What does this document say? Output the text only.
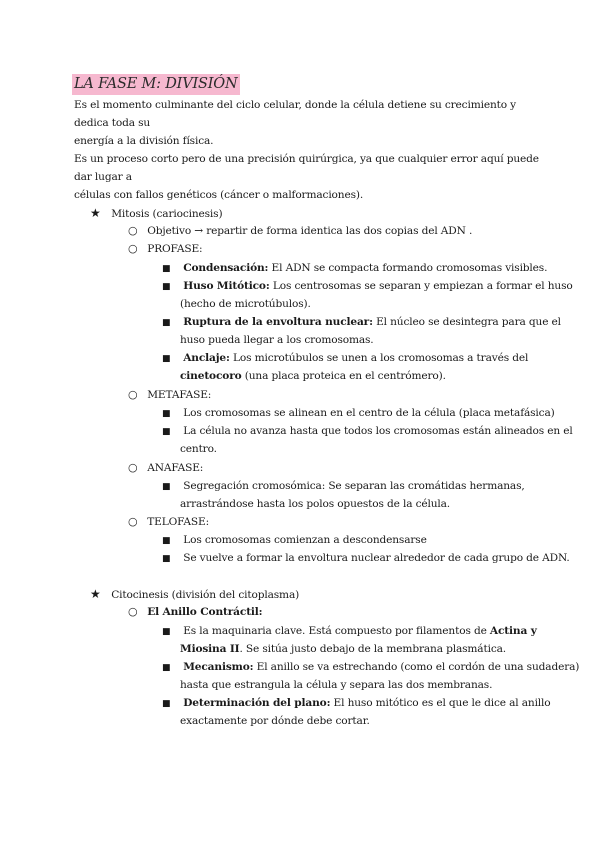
LA FASE M: DIVISIÓN
Es el momento culminante del ciclo celular, donde la célula detiene su crecimiento y dedica toda su
energía a la división física.
Es un proceso corto pero de una precisión quirúrgica, ya que cualquier error aquí puede dar lugar a
células con fallos genéticos (cáncer o malformaciones).
★ Mitosis (cariocinesis)
○ Objetivo → repartir de forma identica las dos copias del ADN .
○ PROFASE:
■ Condensación: El ADN se compacta formando cromosomas visibles.
■ Huso Mitótico: Los centrosomas se separan y empiezan a formar el huso
(hecho de microtúbulos).
■ Ruptura de la envoltura nuclear: El núcleo se desintegra para que el
huso pueda llegar a los cromosomas.
■ Anclaje: Los microtúbulos se unen a los cromosomas a través del
cinetocoro (una placa proteica en el centrómero).
○ METAFASE:
■ Los cromosomas se alinean en el centro de la célula (placa metafásica)
■ La célula no avanza hasta que todos los cromosomas están alineados en el
centro.
○ ANAFASE:
■ Segregación cromosómica: Se separan las cromátidas hermanas,
arrastrándose hasta los polos opuestos de la célula.
○ TELOFASE:
■ Los cromosomas comienzan a descondensarse
■ Se vuelve a formar la envoltura nuclear alrededor de cada grupo de ADN.
★ Citocinesis (división del citoplasma)
○ El Anillo Contráctil:
■ Es la maquinaria clave. Está compuesto por filamentos de Actina y
Miosina II. Se sitúa justo debajo de la membrana plasmática.
■ Mecanismo: El anillo se va estrechando (como el cordón de una sudadera)
hasta que estrangula la célula y separa las dos membranas.
■ Determinación del plano: El huso mitótico es el que le dice al anillo
exactamente por dónde debe cortar.
